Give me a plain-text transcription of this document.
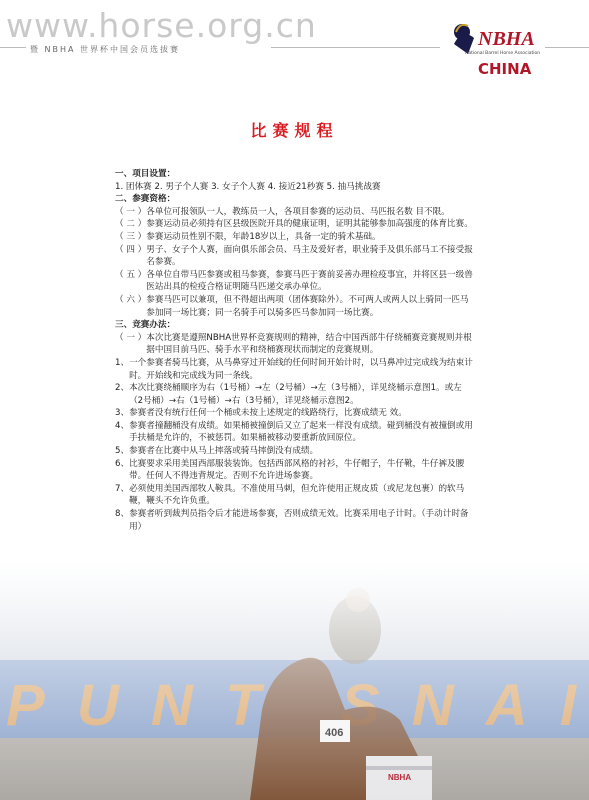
www.horse.org.cn
暨 NBHA 世界杯中国会员选拔赛	NBHA
National Barrel Horse Association
CHINA
比赛规程
一、项目设置：
1. 团体赛 2. 男子个人赛 3. 女子个人赛 4. 接近21秒赛 5. 抽马挑战赛
二、参赛资格：
（ 一 ） 各单位可报领队一人，教练员一人，各项目参赛的运动员、马匹报名数 目不限。
（ 二 ） 参赛运动员必须持有区县级医院开具的健康证明，证明其能够参加高强度的体育比赛。
（ 三 ） 参赛运动员性别不限，年龄18岁以上，具备一定的骑术基础。
（ 四 ） 男子、女子个人赛，面向俱乐部会员、马主及爱好者，职业骑手及俱乐部马工不接受报名参赛。
（ 五 ） 各单位自带马匹参赛或租马参赛，参赛马匹于赛前妥善办理检疫事宜，并将区县一级兽医站出具的检疫合格证明随马匹递交承办单位。
（ 六 ） 参赛马匹可以兼项，但不得超出两项（团体赛除外）。不可两人或两人以上骑同一匹马参加同一场比赛；同一名骑手可以骑多匹马参加同一场比赛。
三、竞赛办法：
（ 一 ） 本次比赛是遵照NBHA世界杯竞赛规则的精神，结合中国西部牛仔绕桶赛竞赛规则并根据中国目前马匹、骑手水平和绕桶赛现状而制定的竞赛规则。
1、 一个参赛者骑马比赛，从马鼻穿过开始线的任何时间开始计时，以马鼻冲过完成线为结束计时。开始线和完成线为同一条线。
2、 本次比赛绕桶顺序为右（1号桶）→左（2号桶）→左（3号桶），详见绕桶示意图1。或左（2号桶）→右（1号桶）→右（3号桶），详见绕桶示意图2。
3、 参赛者没有统行任何一个桶或未按上述规定的线路绕行，比赛成绩无 效。
4、 参赛者撞翻桶没有成绩。如果桶被撞倒后又立了起来一样没有成绩。碰到桶没有被撞倒或用手扶桶是允许的，不被惩罚。如果桶被移动要重新放回原位。
5、 参赛者在比赛中从马上摔落或骑马摔倒没有成绩。
6、 比赛要求采用美国西部服装装饰。包括西部风格的衬衫，牛仔帽子，牛仔靴，牛仔裤及腰带。任何人不得违背规定。否则不允许进场参赛。
7、 必须使用美国西部牧人鞍具。不准使用马刺，但允许使用正规皮质（或尼龙包裹）的软马鞭，鞭头不允许负重。
8、 参赛者听到裁判员指令后才能进场参赛，否则成绩无效。比赛采用电子计时。（手动计时备用）
